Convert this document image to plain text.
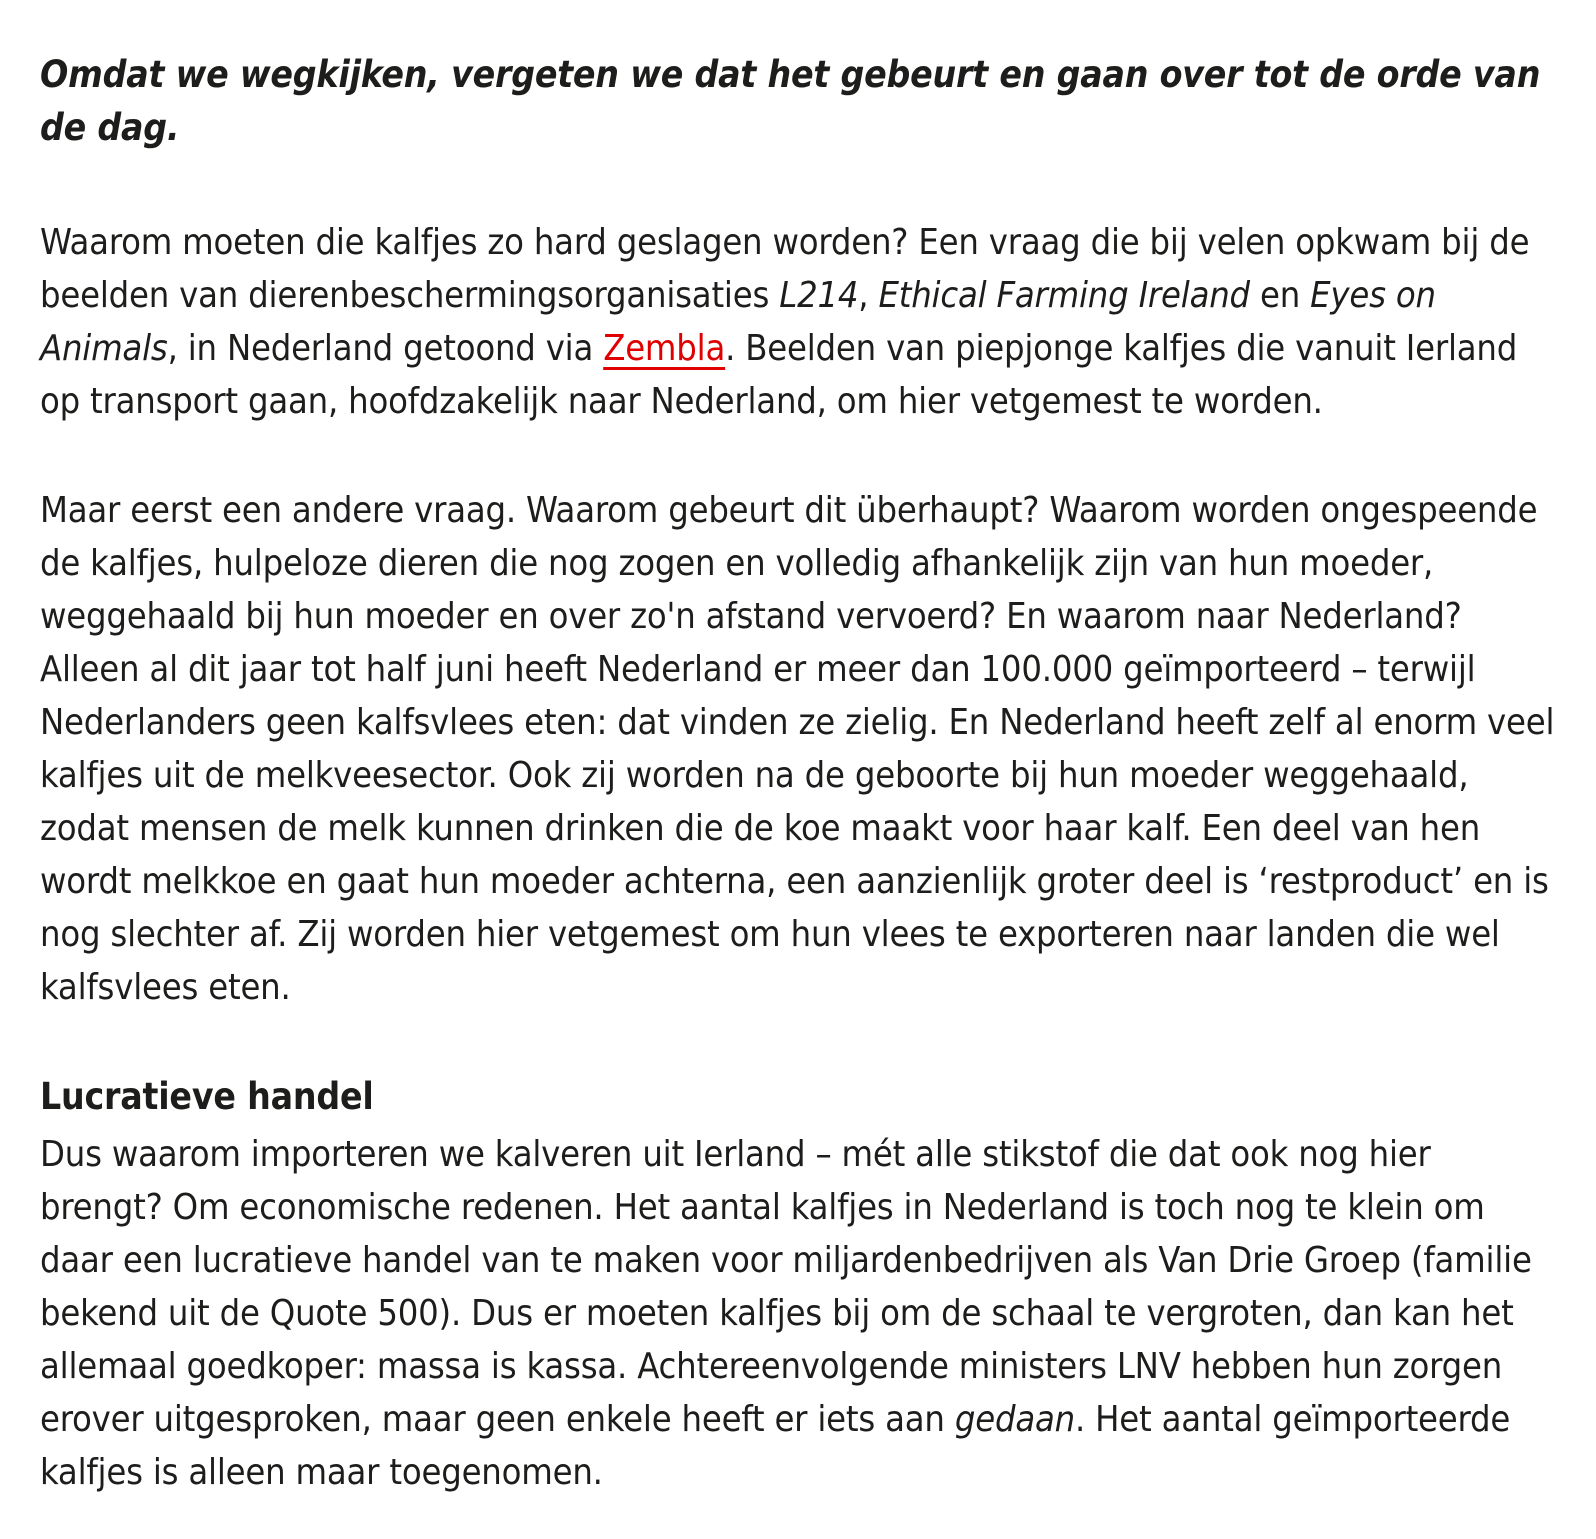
Omdat we wegkijken, vergeten we dat het gebeurt en gaan over tot de orde van de dag.

Waarom moeten die kalfjes zo hard geslagen worden? Een vraag die bij velen opkwam bij de beelden van dierenbeschermingsorganisaties L214, Ethical Farming Ireland en Eyes on Animals, in Nederland getoond via Zembla. Beelden van piepjonge kalfjes die vanuit Ierland op transport gaan, hoofdzakelijk naar Nederland, om hier vetgemest te worden.

Maar eerst een andere vraag. Waarom gebeurt dit überhaupt? Waarom worden ongespeende de kalfjes, hulpeloze dieren die nog zogen en volledig afhankelijk zijn van hun moeder, weggehaald bij hun moeder en over zo'n afstand vervoerd? En waarom naar Nederland? Alleen al dit jaar tot half juni heeft Nederland er meer dan 100.000 geïmporteerd – terwijl Nederlanders geen kalfsvlees eten: dat vinden ze zielig. En Nederland heeft zelf al enorm veel kalfjes uit de melkveesector. Ook zij worden na de geboorte bij hun moeder weggehaald, zodat mensen de melk kunnen drinken die de koe maakt voor haar kalf. Een deel van hen wordt melkkoe en gaat hun moeder achterna, een aanzienlijk groter deel is ‘restproduct’ en is nog slechter af. Zij worden hier vetgemest om hun vlees te exporteren naar landen die wel kalfsvlees eten.

Lucratieve handel

Dus waarom importeren we kalveren uit Ierland – mét alle stikstof die dat ook nog hier brengt? Om economische redenen. Het aantal kalfjes in Nederland is toch nog te klein om daar een lucratieve handel van te maken voor miljardenbedrijven als Van Drie Groep (familie bekend uit de Quote 500). Dus er moeten kalfjes bij om de schaal te vergroten, dan kan het allemaal goedkoper: massa is kassa. Achtereenvolgende ministers LNV hebben hun zorgen erover uitgesproken, maar geen enkele heeft er iets aan gedaan. Het aantal geïmporteerde kalfjes is alleen maar toegenomen.
